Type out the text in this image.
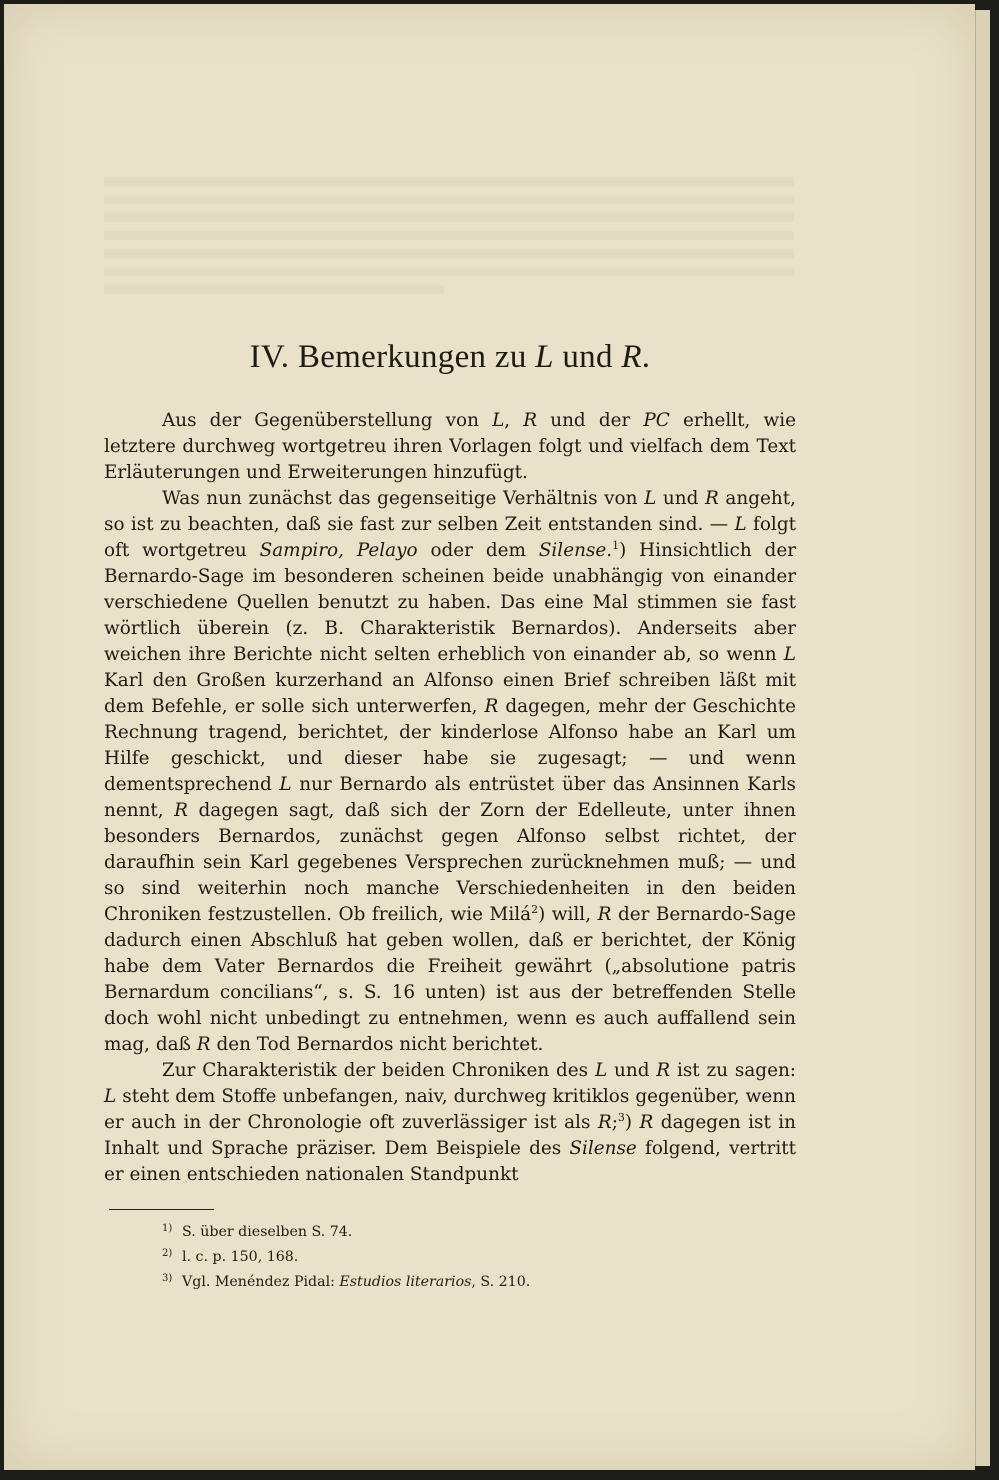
IV. Bemerkungen zu L und R.

Aus der Gegenüberstellung von L, R und der PC erhellt, wie letztere durchweg wortgetreu ihren Vorlagen folgt und vielfach dem Text Erläuterungen und Erweiterungen hinzufügt.

Was nun zunächst das gegenseitige Verhältnis von L und R angeht, so ist zu beachten, daß sie fast zur selben Zeit entstanden sind. — L folgt oft wortgetreu Sampiro, Pelayo oder dem Silense.$^1$) Hinsichtlich der Bernardo-Sage im besonderen scheinen beide unabhängig von einander verschiedene Quellen benutzt zu haben. Das eine Mal stimmen sie fast wörtlich überein (z. B. Charakteristik Bernardos). Anderseits aber weichen ihre Berichte nicht selten erheblich von einander ab, so wenn L Karl den Großen kurzerhand an Alfonso einen Brief schreiben läßt mit dem Befehle, er solle sich unterwerfen, R dagegen, mehr der Geschichte Rechnung tragend, berichtet, der kinderlose Alfonso habe an Karl um Hilfe geschickt, und dieser habe sie zugesagt; — und wenn dementsprechend L nur Bernardo als entrüstet über das Ansinnen Karls nennt, R dagegen sagt, daß sich der Zorn der Edelleute, unter ihnen besonders Bernardos, zunächst gegen Alfonso selbst richtet, der daraufhin sein Karl gegebenes Versprechen zurücknehmen muß; — und so sind weiterhin noch manche Verschiedenheiten in den beiden Chroniken festzustellen. Ob freilich, wie Milá$^2$) will, R der Bernardo-Sage dadurch einen Abschluß hat geben wollen, daß er berichtet, der König habe dem Vater Bernardos die Freiheit gewährt („absolutione patris Bernardum concilians“, s. S. 16 unten) ist aus der betreffenden Stelle doch wohl nicht unbedingt zu entnehmen, wenn es auch auffallend sein mag, daß R den Tod Bernardos nicht berichtet.

Zur Charakteristik der beiden Chroniken des L und R ist zu sagen: L steht dem Stoffe unbefangen, naiv, durchweg kritiklos gegenüber, wenn er auch in der Chronologie oft zuverlässiger ist als R;$^3$) R dagegen ist in Inhalt und Sprache präziser. Dem Beispiele des Silense folgend, vertritt er einen entschieden nationalen Standpunkt

1) S. über dieselben S. 74.
2) l. c. p. 150, 168.
3) Vgl. Menéndez Pidal: Estudios literarios, S. 210.
